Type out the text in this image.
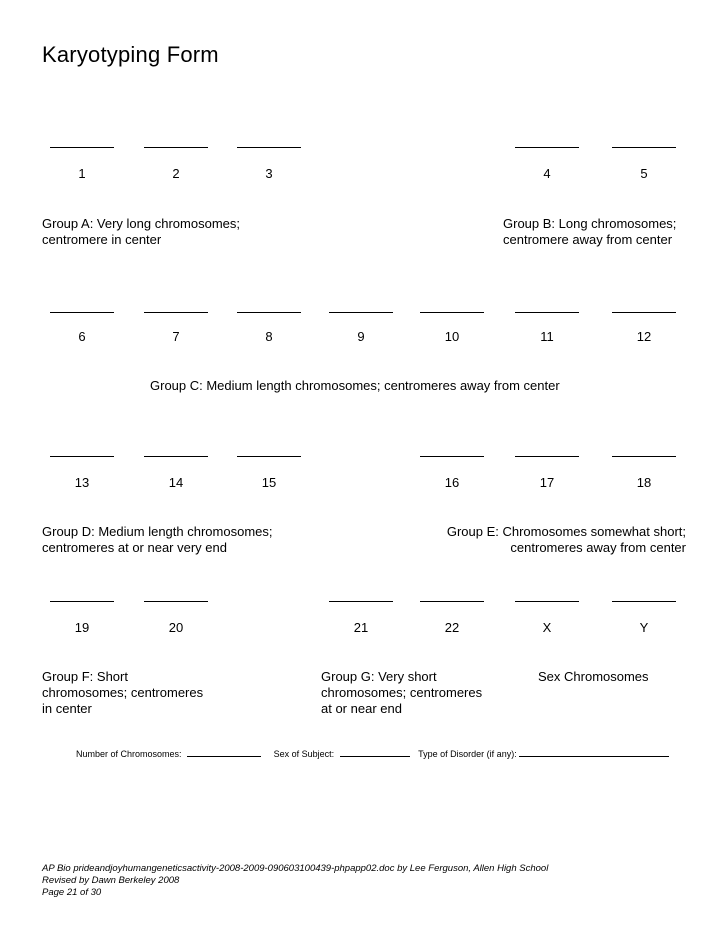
Karyotyping Form
1	2	3	4	5
Group A: Very long chromosomes;
centromere in center
Group B: Long chromosomes;
centromere away from center
6	7	8	9	10	11	12
Group C: Medium length chromosomes; centromeres away from center
13	14	15	16	17	18
Group D: Medium length chromosomes;
centromeres at or near very end
Group E: Chromosomes somewhat short;
centromeres away from center
19	20	21	22	X	Y
Group F: Short
chromosomes; centromeres
in center
Group G: Very short
chromosomes; centromeres
at or near end
Sex Chromosomes
Number of Chromosomes:	Sex of Subject:	Type of Disorder (if any):
AP Bio prideandjoyhumangeneticsactivity-2008-2009-090603100439-phpapp02.doc by Lee Ferguson, Allen High School
Revised by Dawn Berkeley 2008
Page 21 of 30
